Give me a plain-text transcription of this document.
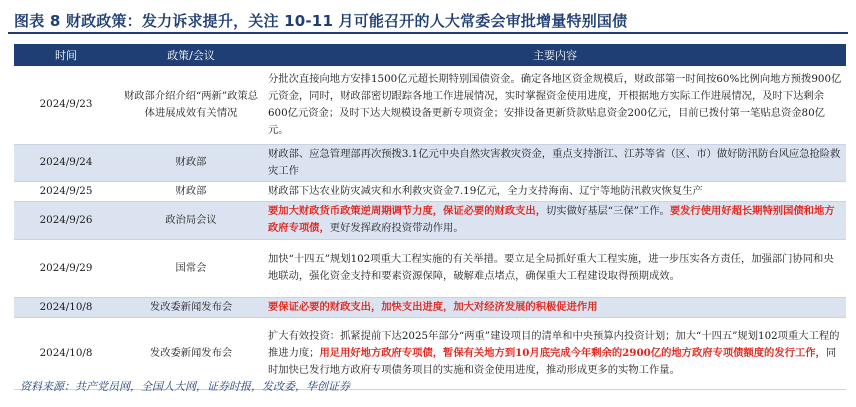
图表 8 财政政策：发力诉求提升，关注 10-11 月可能召开的人大常委会审批增量特别国债
时间	政策/会议	主要内容
2024/9/23	财政部介绍介绍“两新”政策总体进展成效有关情况	分批次直接向地方安排1500亿元超长期特别国债资金。确定各地区资金规模后，财政部第一时间按60%比例向地方预拨900亿元资金，同时，财政部密切跟踪各地工作进展情况，实时掌握资金使用进度，开根据地方实际工作进展情况，及时下达剩余600亿元资金；及时下达大规模设备更新专项资金；安排设备更新贷款贴息资金200亿元，目前已拨付第一笔贴息资金80亿元。
2024/9/24	财政部	财政部、应急管理部再次预拨3.1亿元中央自然灾害救灾资金，重点支持浙江、江苏等省（区、市）做好防汛防台风应急抢险救灾工作
2024/9/25	财政部	财政部下达农业防灾减灾和水利救灾资金7.19亿元，全力支持海南、辽宁等地防汛救灾恢复生产
2024/9/26	政治局会议	要加大财政货币政策逆周期调节力度，保证必要的财政支出，切实做好基层“三保”工作。要发行使用好超长期特别国债和地方政府专项债，更好发挥政府投资带动作用。
2024/9/29	国常会	加快“十四五”规划102项重大工程实施的有关举措。要立足全局抓好重大工程实施，进一步压实各方责任，加强部门协同和央地联动，强化资金支持和要素资源保障，破解难点堵点，确保重大工程建设取得预期成效。
2024/10/8	发改委新闻发布会	要保证必要的财政支出，加快支出进度，加大对经济发展的积极促进作用
2024/10/8	发改委新闻发布会	扩大有效投资：抓紧提前下达2025年部分“两重”建设项目的清单和中央预算内投资计划；加大“十四五”规划102项重大工程的推进力度；用足用好地方政府专项债，暂保有关地方到10月底完成今年剩余的2900亿的地方政府专项债额度的发行工作，同时加快已发行地方政府专项债务项目的实施和资金使用进度，推动形成更多的实物工作量。
资料来源：共产党员网，全国人大网，证券时报，发改委，华创证券
